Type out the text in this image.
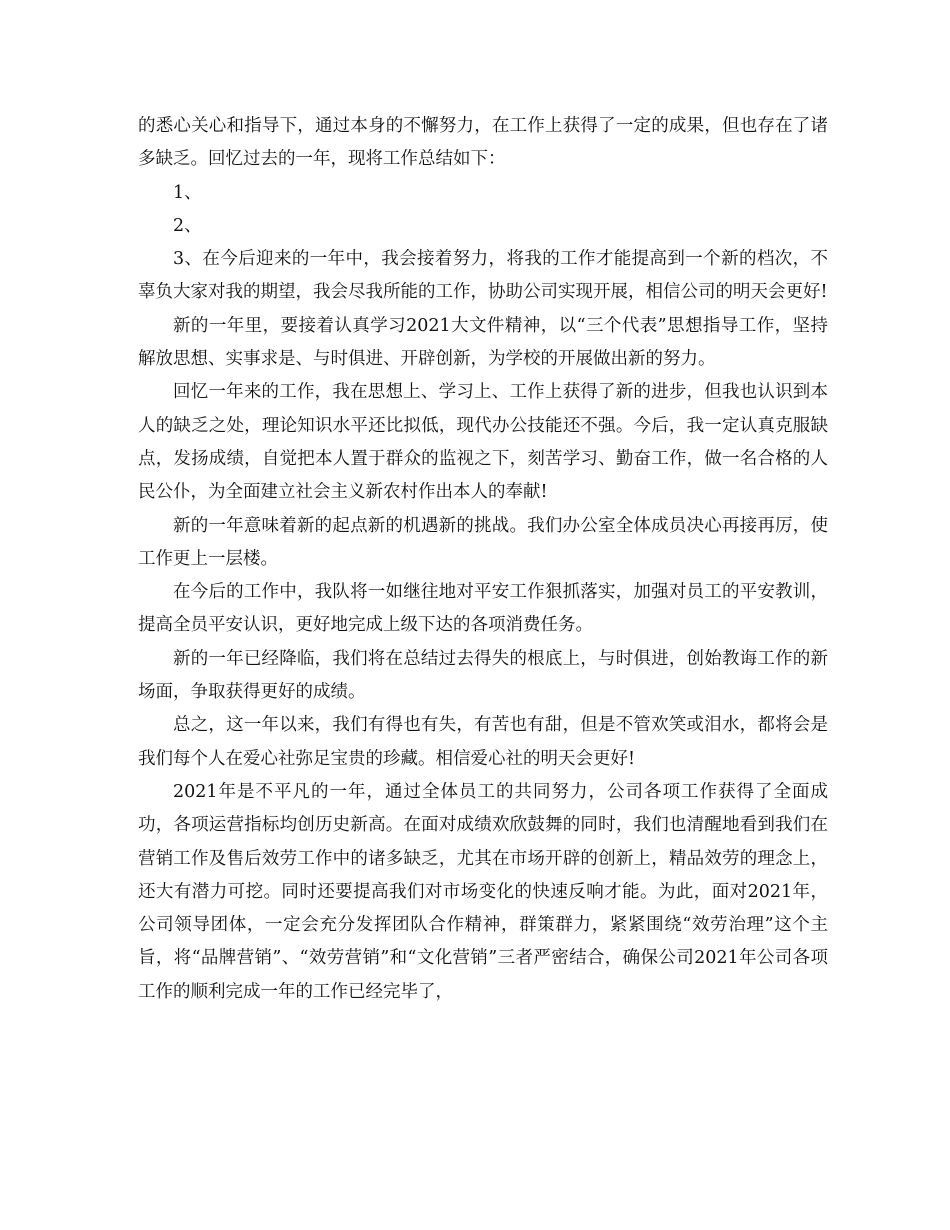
的悉心关心和指导下，通过本身的不懈努力，在工作上获得了一定的成果，但也存在了诸多缺乏。回忆过去的一年，现将工作总结如下：

1、

2、

3、在今后迎来的一年中，我会接着努力，将我的工作才能提高到一个新的档次，不辜负大家对我的期望，我会尽我所能的工作，协助公司实现开展，相信公司的明天会更好!

新的一年里，要接着认真学习2021大文件精神，以“三个代表”思想指导工作，坚持解放思想、实事求是、与时俱进、开辟创新，为学校的开展做出新的努力。

回忆一年来的工作，我在思想上、学习上、工作上获得了新的进步，但我也认识到本人的缺乏之处，理论知识水平还比拟低，现代办公技能还不强。今后，我一定认真克服缺点，发扬成绩，自觉把本人置于群众的监视之下，刻苦学习、勤奋工作，做一名合格的人民公仆，为全面建立社会主义新农村作出本人的奉献!

新的一年意味着新的起点新的机遇新的挑战。我们办公室全体成员决心再接再厉，使工作更上一层楼。

在今后的工作中，我队将一如继往地对平安工作狠抓落实，加强对员工的平安教训，提高全员平安认识，更好地完成上级下达的各项消费任务。

新的一年已经降临，我们将在总结过去得失的根底上，与时俱进，创始教诲工作的新场面，争取获得更好的成绩。

总之，这一年以来，我们有得也有失，有苦也有甜，但是不管欢笑或泪水，都将会是我们每个人在爱心社弥足宝贵的珍藏。相信爱心社的明天会更好!

2021年是不平凡的一年，通过全体员工的共同努力，公司各项工作获得了全面成功，各项运营指标均创历史新高。在面对成绩欢欣鼓舞的同时，我们也清醒地看到我们在营销工作及售后效劳工作中的诸多缺乏，尤其在市场开辟的创新上，精品效劳的理念上，还大有潜力可挖。同时还要提高我们对市场变化的快速反响才能。为此，面对2021年，公司领导团体，一定会充分发挥团队合作精神，群策群力，紧紧围绕“效劳治理”这个主旨，将“品牌营销”、“效劳营销”和“文化营销”三者严密结合，确保公司2021年公司各项工作的顺利完成一年的工作已经完毕了，
